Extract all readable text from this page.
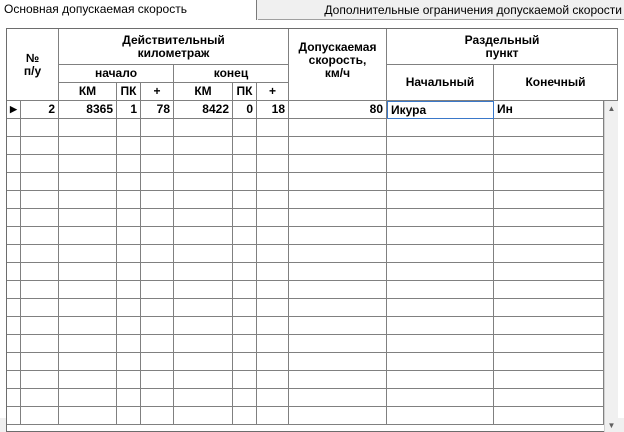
Основная допускаемая скорость	Дополнительные ограничения допускаемой скорости
№
п/у
Действительный
километраж
начало	конец
КМ	ПК	+	КМ	ПК	+
Допускаемая
скорость,
км/ч
Раздельный
пункт
Начальный	Конечный
▶	2	8365	1	78	8422	0	18	80 Икура	Ин	▲
▼
